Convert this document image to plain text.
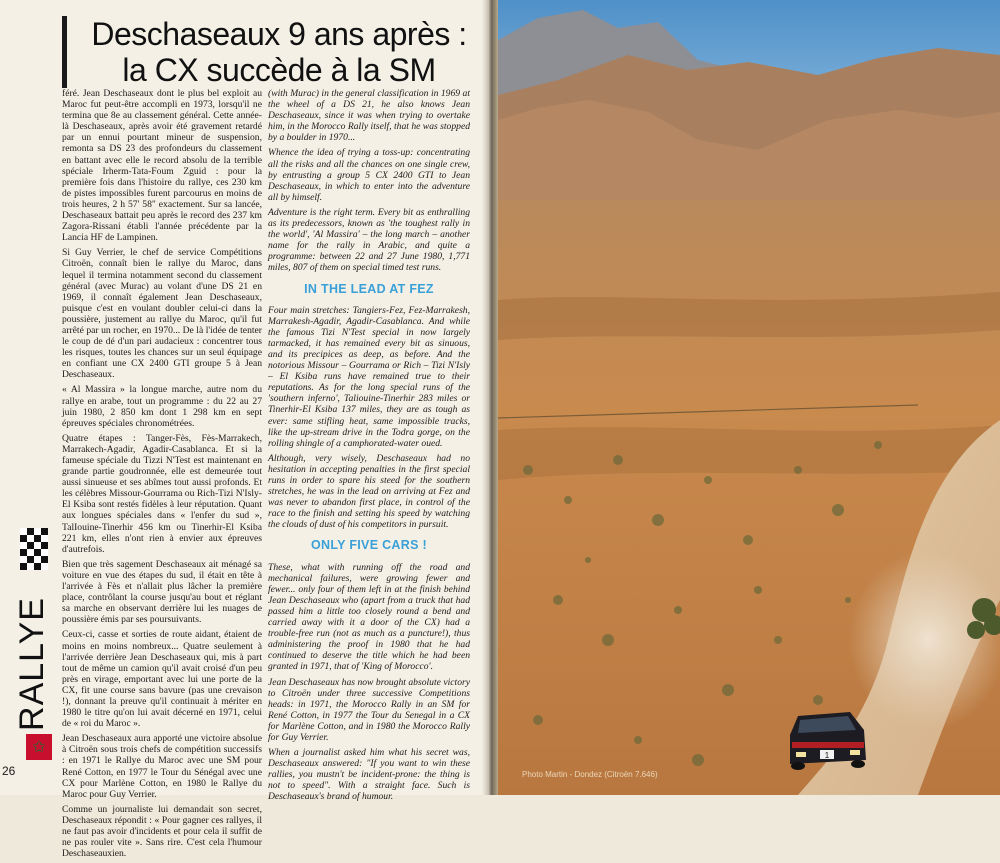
Deschaseaux 9 ans après :
la CX succède à la SM

féré. Jean Deschaseaux dont le plus bel exploit au Maroc fut peut-être accompli en 1973, lorsqu'il ne termina que 8e au classement général. Cette année-là Deschaseaux, après avoir été gravement retardé par un ennui pourtant mineur de suspension, remonta sa DS 23 des profondeurs du classement en battant avec elle le record absolu de la terrible spéciale Irherm-Tata-Foum Zguid : pour la première fois dans l'histoire du rallye, ces 230 km de pistes impossibles furent parcourus en moins de trois heures, 2 h 57' 58" exactement. Sur sa lancée, Deschaseaux battait peu après le record des 237 km Zagora-Rissani établi l'année précédente par la Lancia HF de Lampinen.

Si Guy Verrier, le chef de service Compétitions Citroën, connaît bien le rallye du Maroc, dans lequel il termina notamment second du classement général (avec Murac) au volant d'une DS 21 en 1969, il connaît également Jean Deschaseaux, puisque c'est en voulant doubler celui-ci dans la poussière, justement au rallye du Maroc, qu'il fut arrêté par un rocher, en 1970... De là l'idée de tenter le coup de dé d'un pari audacieux : concentrer tous les risques, toutes les chances sur un seul équipage en confiant une CX 2400 GTI groupe 5 à Jean Deschaseaux.

« Al Massira » la longue marche, autre nom du rallye en arabe, tout un programme : du 22 au 27 juin 1980, 2 850 km dont 1 298 km en sept épreuves spéciales chronométrées.

Quatre étapes : Tanger-Fès, Fès-Marrakech, Marrakech-Agadir, Agadir-Casablanca. Et si la fameuse spéciale du Tizzi N'Test est maintenant en grande partie goudronnée, elle est demeurée tout aussi sinueuse et ses abîmes tout aussi profonds. Et les célèbres Missour-Gourrama ou Rich-Tizi N'Isly-El Ksiba sont restés fidèles à leur réputation. Quant aux longues spéciales dans « l'enfer du sud », TalIouine-Tinerhir 456 km ou Tinerhir-El Ksiba 221 km, elles n'ont rien à envier aux épreuves d'autrefois.

Bien que très sagement Deschaseaux ait ménagé sa voiture en vue des étapes du sud, il était en tête à l'arrivée à Fès et n'allait plus lâcher la première place, contrôlant la course jusqu'au bout et réglant sa marche en observant derrière lui les nuages de poussière émis par ses poursuivants.

Ceux-ci, casse et sorties de route aidant, étaient de moins en moins nombreux... Quatre seulement à l'arrivée derrière Jean Deschaseaux qui, mis à part tout de même un camion qu'il avait croisé d'un peu près en virage, emportant avec lui une porte de la CX, fit une course sans bavure (pas une crevaison !), donnant la preuve qu'il continuait à mériter en 1980 le titre qu'on lui avait décerné en 1971, celui de « roi du Maroc ».

Jean Deschaseaux aura apporté une victoire absolue à Citroën sous trois chefs de compétition successifs : en 1971 le Rallye du Maroc avec une SM pour René Cotton, en 1977 le Tour du Sénégal avec une CX pour Marlène Cotton, en 1980 le Rallye du Maroc pour Guy Verrier.

Comme un journaliste lui demandait son secret, Deschaseaux répondit : « Pour gagner ces rallyes, il ne faut pas avoir d'incidents et pour cela il suffit de ne pas rouler vite ». Sans rire. C'est cela l'humour Deschaseauxien.

(with Murac) in the general classification in 1969 at the wheel of a DS 21, he also knows Jean Deschaseaux, since it was when trying to overtake him, in the Morocco Rally itself, that he was stopped by a boulder in 1970...

Whence the idea of trying a toss-up: concentrating all the risks and all the chances on one single crew, by entrusting a group 5 CX 2400 GTI to Jean Deschaseaux, in which to enter into the adventure all by himself.

Adventure is the right term. Every bit as enthralling as its predecessors, known as 'the toughest rally in the world', 'Al Massira' – the long march – another name for the rally in Arabic, and quite a programme: between 22 and 27 June 1980, 1,771 miles, 807 of them on special timed test runs.

IN THE LEAD AT FEZ

Four main stretches: Tangiers-Fez, Fez-Marrakesh, Marrakesh-Agadir, Agadir-Casablanca. And while the famous Tizi N'Test special in now largely tarmacked, it has remained every bit as sinuous, and its precipices as deep, as before. And the notorious Missour – Gourrama or Rich – Tizi N'Isly – El Ksiba runs have remained true to their reputations. As for the long special runs of the 'southern inferno', Taliouine-Tinerhir 283 miles or Tinerhir-El Ksiba 137 miles, they are as tough as ever: same stifling heat, same impossible tracks, like the up-stream drive in the Todra gorge, on the rolling shingle of a camphorated-water oued.

Although, very wisely, Deschaseaux had no hesitation in accepting penalties in the first special runs in order to spare his steed for the southern stretches, he was in the lead on arriving at Fez and was never to abandon first place, in control of the race to the finish and setting his speed by watching the clouds of dust of his competitors in pursuit.

ONLY FIVE CARS !

These, what with running off the road and mechanical failures, were growing fewer and fewer... only four of them left in at the finish behind Jean Deschaseaux who (apart from a truck that had passed him a little too closely round a bend and carried away with it a door of the CX) had a trouble-free run (not as much as a puncture!), thus administering the proof in 1980 that he had continued to deserve the title which he had been granted in 1971, that of 'King of Morocco'.

Jean Deschaseaux has now brought absolute victory to Citroën under three successive Competitions heads: in 1971, the Morocco Rally in an SM for René Cotton, in 1977 the Tour du Senegal in a CX for Marlène Cotton, and in 1980 the Morocco Rally for Guy Verrier.

When a journalist asked him what his secret was, Deschaseaux answered: "If you want to win these rallies, you mustn't be incident-prone: the thing is not to speed". With a straight face. Such is Deschaseaux's brand of humour.

RALLYE
✩
26
1
Photo Martin - Dondez (Citroën 7.646)
